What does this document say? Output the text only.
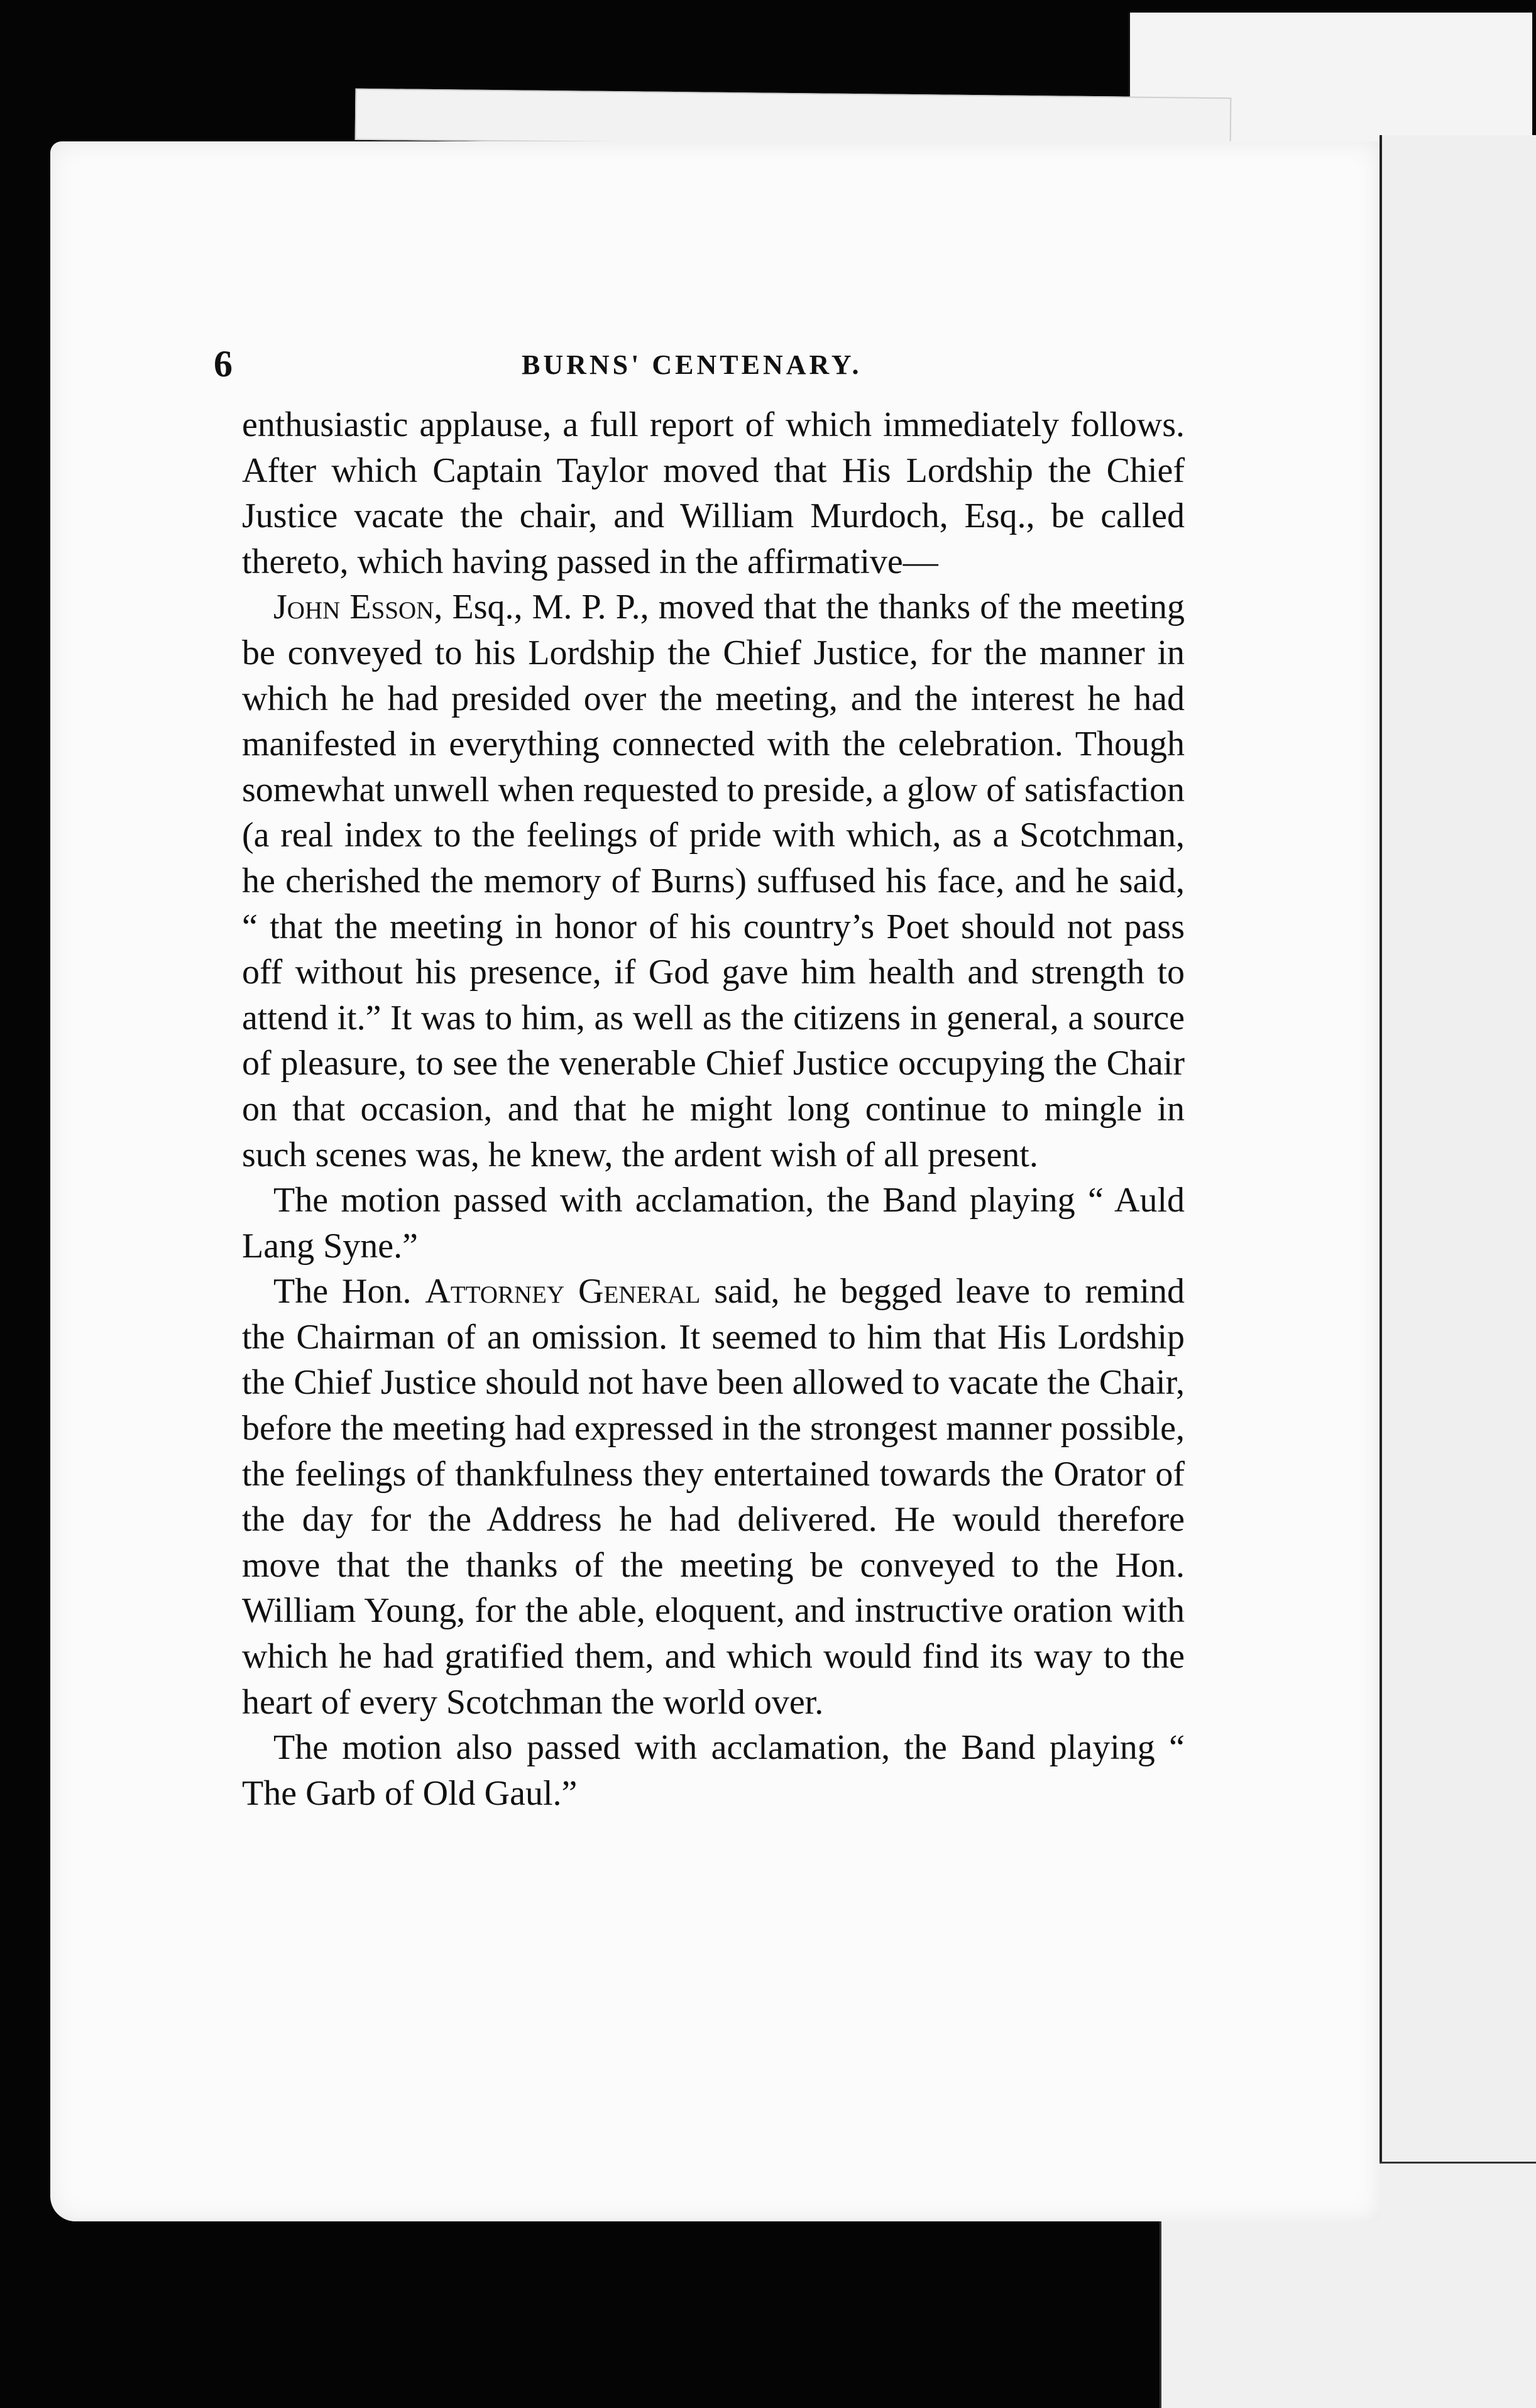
6	BURNS' CENTENARY.

enthusiastic applause, a full report of which immediately follows. After which Captain Taylor moved that His Lordship the Chief Justice vacate the chair, and William Murdoch, Esq., be called thereto, which having passed in the affirmative—

John Esson, Esq., M. P. P., moved that the thanks of the meeting be conveyed to his Lordship the Chief Justice, for the manner in which he had presided over the meeting, and the interest he had manifested in everything connected with the celebration. Though somewhat unwell when requested to preside, a glow of satisfaction (a real index to the feelings of pride with which, as a Scotchman, he cherished the memory of Burns) suffused his face, and he said, “ that the meeting in honor of his country’s Poet should not pass off without his presence, if God gave him health and strength to attend it.” It was to him, as well as the citizens in general, a source of pleasure, to see the venerable Chief Justice occupying the Chair on that occasion, and that he might long continue to mingle in such scenes was, he knew, the ardent wish of all present.

The motion passed with acclamation, the Band playing “ Auld Lang Syne.”

The Hon. Attorney General said, he begged leave to remind the Chairman of an omission. It seemed to him that His Lordship the Chief Justice should not have been allowed to vacate the Chair, before the meeting had expressed in the strongest manner possible, the feelings of thankfulness they entertained towards the Orator of the day for the Address he had delivered. He would therefore move that the thanks of the meeting be conveyed to the Hon. William Young, for the able, eloquent, and instructive oration with which he had gratified them, and which would find its way to the heart of every Scotchman the world over.

The motion also passed with acclamation, the Band playing “ The Garb of Old Gaul.”
